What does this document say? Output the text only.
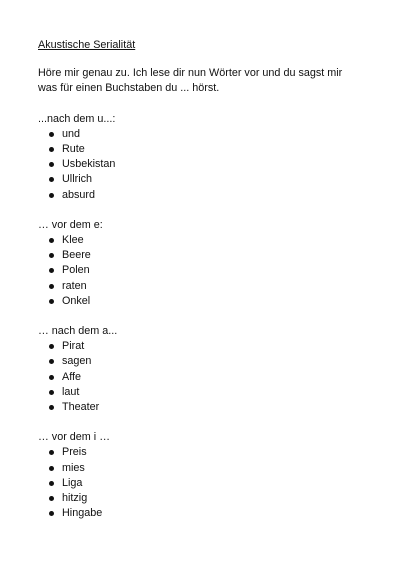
Akustische Serialität

Höre mir genau zu. Ich lese dir nun Wörter vor und du sagst mir
was für einen Buchstaben du ... hörst.

...nach dem u...:

und
Rute
Usbekistan
Ullrich
absurd

… vor dem e:

Klee
Beere
Polen
raten
Onkel

… nach dem a...

Pirat
sagen
Affe
laut
Theater

… vor dem i …

Preis
mies
Liga
hitzig
Hingabe
